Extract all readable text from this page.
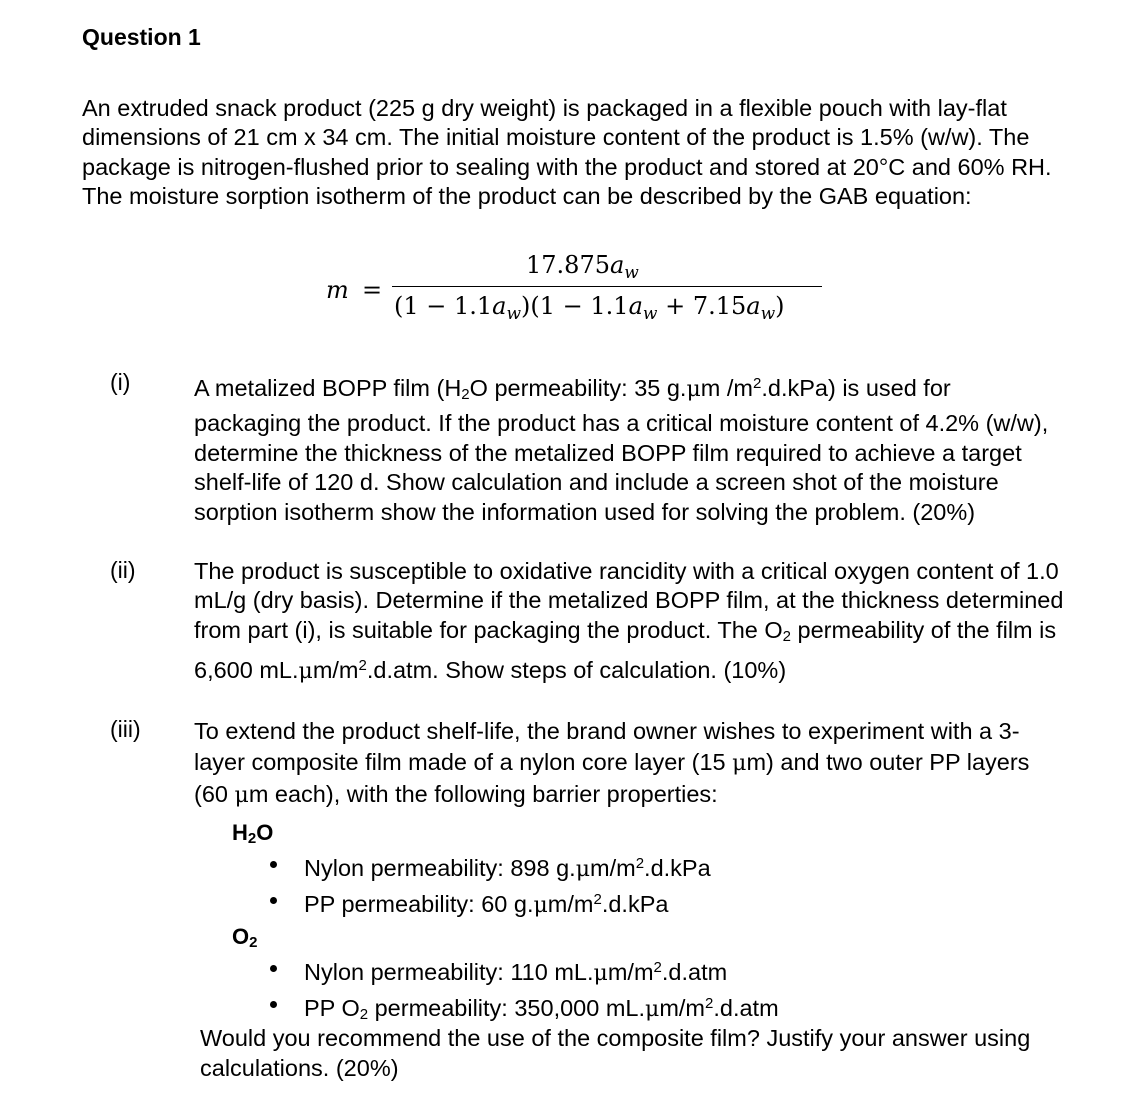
Question 1
An extruded snack product (225 g dry weight) is packaged in a flexible pouch with lay-flat dimensions of 21 cm x 34 cm. The initial moisture content of the product is 1.5% (w/w). The package is nitrogen-flushed prior to sealing with the product and stored at 20°C and 60% RH. The moisture sorption isotherm of the product can be described by the GAB equation:
m =
$17.875a_w$
$(1 - 1.1a_w)(1 - 1.1a_w + 7.15a_w)$
(i)	A metalized BOPP film (H2O permeability: 35 g.μm $/m^2.d.kPa$) is used for packaging the product. If the product has a critical moisture content of 4.2% (w/w), determine the thickness of the metalized BOPP film required to achieve a target shelf-life of 120 d. Show calculation and include a screen shot of the moisture sorption isotherm show the information used for solving the problem. (20%)
(ii) The product is susceptible to oxidative rancidity with a critical oxygen content of 1.0 mL/g (dry basis). Determine if the metalized BOPP film, at the thickness determined from part (i), is suitable for packaging the product. The O2 permeability of the film is 6,600 $mL.\mu m/m^2.d.atm$. Show steps of calculation. (10%)
(iii) To extend the product shelf-life, the brand owner wishes to experiment with a 3-layer composite film made of a nylon core layer (15 μm) and two outer PP layers (60 μm each), with the following barrier properties:
H2O
Nylon permeability: 898 $g.\mu m/m^2.d.kPa$
PP permeability: 60 $g.\mu m/m^2.d.kPa$
O2
Nylon permeability: 110 $mL.\mu m/m^2.d.atm$
PP O2 permeability: 350,000 $mL.\mu m/m^2.d.atm$
Would you recommend the use of the composite film? Justify your answer using calculations. (20%)
